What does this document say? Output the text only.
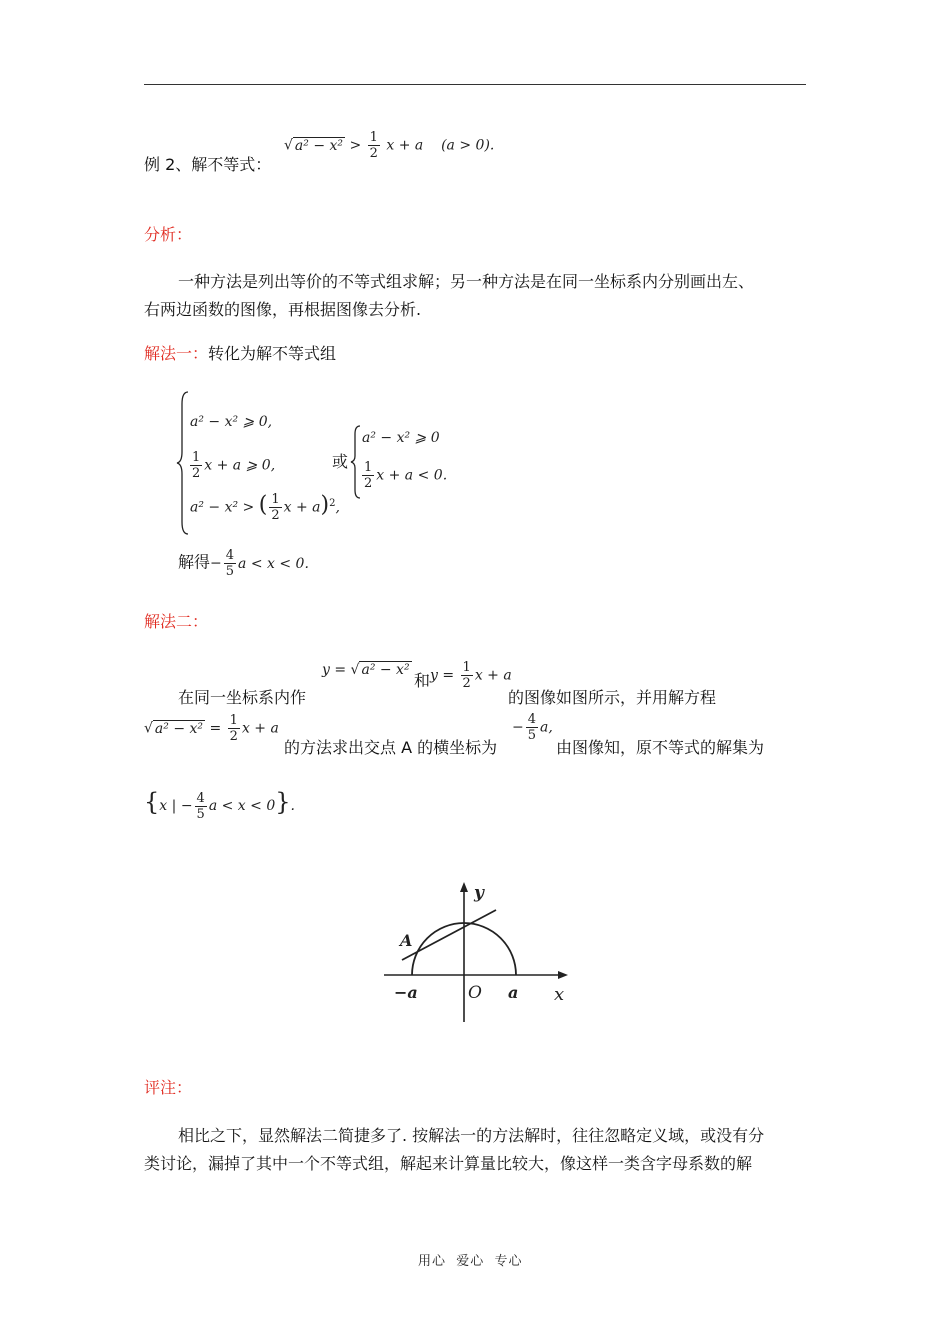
√ $a^2 - x^2 > \frac{1}{2}$ x + a (a > 0).
例 2、解不等式：
分析：
一种方法是列出等价的不等式组求解；另一种方法是在同一坐标系内分别画出左、
右两边函数的图像，再根据图像去分析.
解法一：转化为解不等式组
a² − x² ⩾ 0,
$\frac{1}{2}$ x + a ⩾ 0,
a² − x² > ( $\frac{1}{2}$ x + a)$^2$,
或
a² − x² ⩾ 0
$\frac{1}{2}$ x + a < 0.
解得− $\frac{4}{5}$ a < x < 0.
解法二：
y = √ a² − x²
和 $y = \frac{1}{2}$ x + a
在同一坐标系内作	的图像如图所示，并用解方程
√ $a^2 - x^2 = \frac{1}{2}$ x + a
的方法求出交点 A 的横坐标为
− $\frac{4}{5} a$,
由图像知，原不等式的解集为
{x | − $\frac{4}{5}$ a < x < 0}.
y
A
−a	O a x
评注：
相比之下，显然解法二简捷多了. 按解法一的方法解时，往往忽略定义域，或没有分
类讨论，漏掉了其中一个不等式组，解起来计算量比较大，像这样一类含字母系数的解
用心  爱心  专心
